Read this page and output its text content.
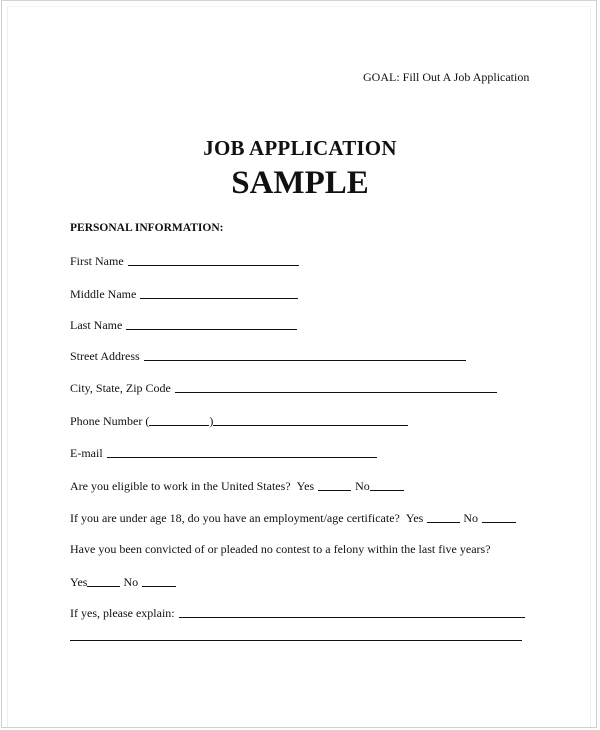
GOAL: Fill Out A Job Application
JOB APPLICATION
SAMPLE
PERSONAL INFORMATION:
First Name
Middle Name
Last Name
Street Address
City, State, Zip Code
Phone Number (	)
E-mail
Are you eligible to work in the United States? Yes	No
If you are under age 18, do you have an employment/age certificate? Yes	No
Have you been convicted of or pleaded no contest to a felony within the last five years?
Yes	No
If yes, please explain:
